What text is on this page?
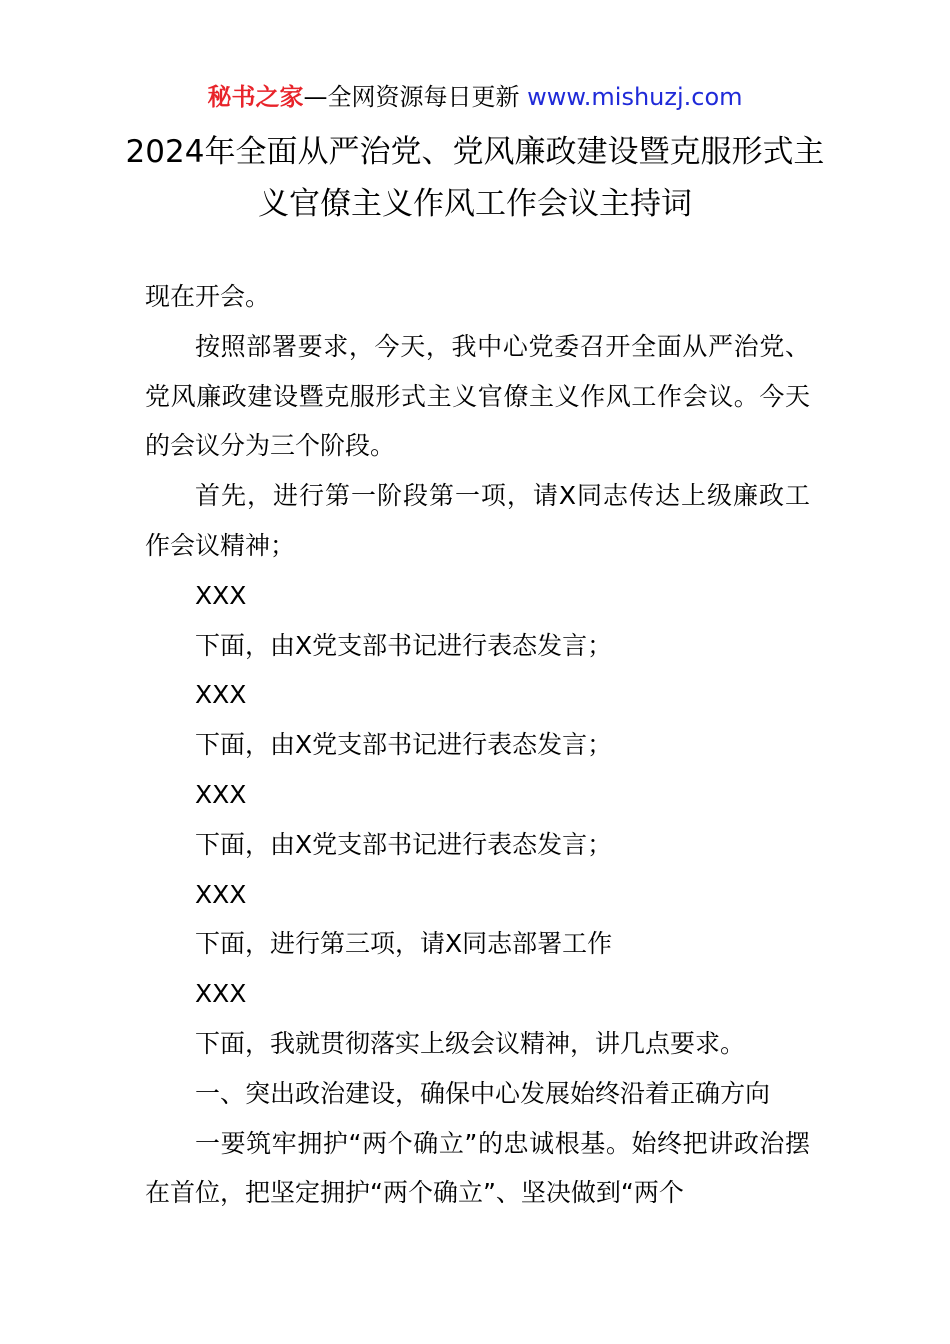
秘书之家—全网资源每日更新 www.mishuzj.com
2024年全面从严治党、党风廉政建设暨克服形式主义官僚主义作风工作会议主持词

现在开会。

按照部署要求，今天，我中心党委召开全面从严治党、党风廉政建设暨克服形式主义官僚主义作风工作会议。今天的会议分为三个阶段。

首先，进行第一阶段第一项，请X同志传达上级廉政工作会议精神；

XXX

下面，由X党支部书记进行表态发言；

XXX

下面，由X党支部书记进行表态发言；

XXX

下面，由X党支部书记进行表态发言；

XXX

下面，进行第三项，请X同志部署工作

XXX

下面，我就贯彻落实上级会议精神，讲几点要求。

一、突出政治建设，确保中心发展始终沿着正确方向

一要筑牢拥护“两个确立”的忠诚根基。始终把讲政治摆在首位，把坚定拥护“两个确立”、坚决做到“两个
